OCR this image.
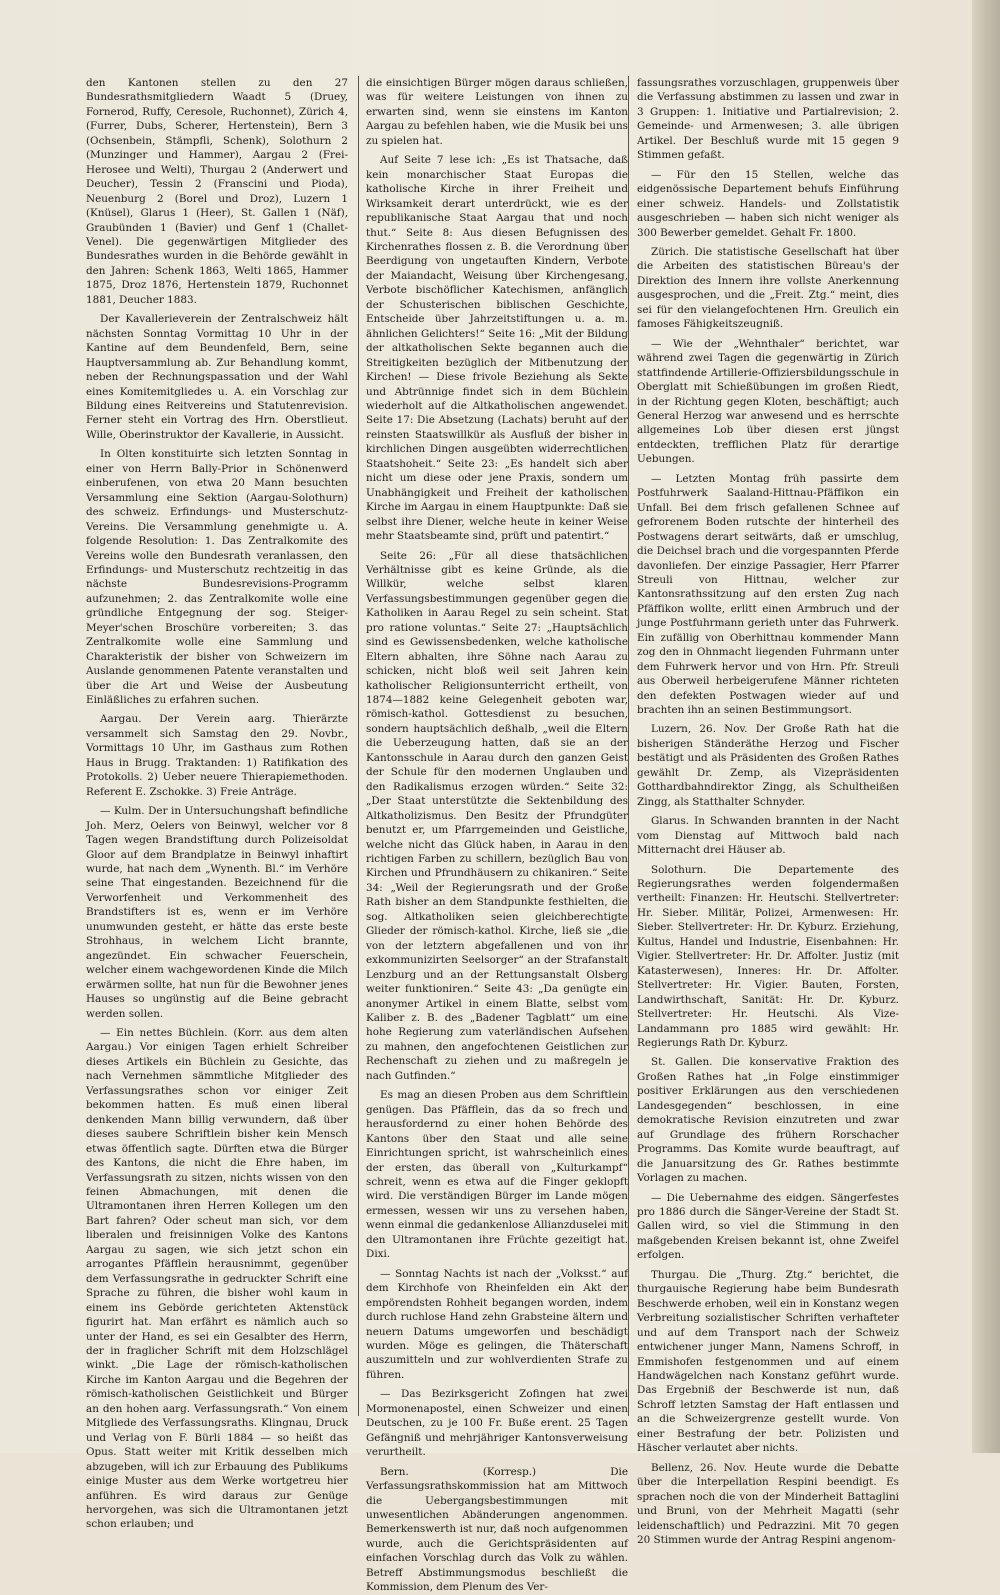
den Kantonen stellen zu den 27 Bundesrathsmitgliedern Waadt 5 (Druey, Fornerod, Ruffy, Ceresole, Ruchonnet), Zürich 4, (Furrer, Dubs, Scherer, Hertenstein), Bern 3 (Ochsenbein, Stämpfli, Schenk), Solothurn 2 (Munzinger und Hammer), Aargau 2 (Frei-Herosee und Welti), Thurgau 2 (Anderwert und Deucher), Tessin 2 (Franscini und Pioda), Neuenburg 2 (Borel und Droz), Luzern 1 (Knüsel), Glarus 1 (Heer), St. Gallen 1 (Näf), Graubünden 1 (Bavier) und Genf 1 (Challet-Venel). Die gegenwärtigen Mitglieder des Bundesrathes wurden in die Behörde gewählt in den Jahren: Schenk 1863, Welti 1865, Hammer 1875, Droz 1876, Hertenstein 1879, Ruchonnet 1881, Deucher 1883.

Der Kavallerieverein der Zentralschweiz hält nächsten Sonntag Vormittag 10 Uhr in der Kantine auf dem Beundenfeld, Bern, seine Hauptversammlung ab. Zur Behandlung kommt, neben der Rechnungspassation und der Wahl eines Komitemitgliedes u. A. ein Vorschlag zur Bildung eines Reitvereins und Statutenrevision. Ferner steht ein Vortrag des Hrn. Oberstlieut. Wille, Oberinstruktor der Kavallerie, in Aussicht.

In Olten konstituirte sich letzten Sonntag in einer von Herrn Bally-Prior in Schönenwerd einberufenen, von etwa 20 Mann besuchten Versammlung eine Sektion (Aargau-Solothurn) des schweiz. Erfindungs- und Musterschutz-Vereins. Die Versammlung genehmigte u. A. folgende Resolution: 1. Das Zentralkomite des Vereins wolle den Bundesrath veranlassen, den Erfindungs- und Musterschutz rechtzeitig in das nächste Bundesrevisions-Programm aufzunehmen; 2. das Zentralkomite wolle eine gründliche Entgegnung der sog. Steiger-Meyer'schen Broschüre vorbereiten; 3. das Zentralkomite wolle eine Sammlung und Charakteristik der bisher von Schweizern im Auslande genommenen Patente veranstalten und über die Art und Weise der Ausbeutung Einläßliches zu erfahren suchen.

Aargau. Der Verein aarg. Thierärzte versammelt sich Samstag den 29. Novbr., Vormittags 10 Uhr, im Gasthaus zum Rothen Haus in Brugg. Traktanden: 1) Ratifikation des Protokolls. 2) Ueber neuere Thierapiemethoden. Referent E. Zschokke. 3) Freie Anträge.

— Kulm. Der in Untersuchungshaft befindliche Joh. Merz, Oelers von Beinwyl, welcher vor 8 Tagen wegen Brandstiftung durch Polizeisoldat Gloor auf dem Brandplatze in Beinwyl inhaftirt wurde, hat nach dem „Wynenth. Bl.“ im Verhöre seine That eingestanden. Bezeichnend für die Verworfenheit und Verkommenheit des Brandstifters ist es, wenn er im Verhöre unumwunden gesteht, er hätte das erste beste Strohhaus, in welchem Licht brannte, angezündet. Ein schwacher Feuerschein, welcher einem wachgewordenen Kinde die Milch erwärmen sollte, hat nun für die Bewohner jenes Hauses so ungünstig auf die Beine gebracht werden sollen.

— Ein nettes Büchlein. (Korr. aus dem alten Aargau.) Vor einigen Tagen erhielt Schreiber dieses Artikels ein Büchlein zu Gesichte, das nach Vernehmen sämmtliche Mitglieder des Verfassungsrathes schon vor einiger Zeit bekommen hatten. Es muß einen liberal denkenden Mann billig verwundern, daß über dieses saubere Schriftlein bisher kein Mensch etwas öffentlich sagte. Dürften etwa die Bürger des Kantons, die nicht die Ehre haben, im Verfassungsrath zu sitzen, nichts wissen von den feinen Abmachungen, mit denen die Ultramontanen ihren Herren Kollegen um den Bart fahren? Oder scheut man sich, vor dem liberalen und freisinnigen Volke des Kantons Aargau zu sagen, wie sich jetzt schon ein arrogantes Pfäfflein herausnimmt, gegenüber dem Verfassungsrathe in gedruckter Schrift eine Sprache zu führen, die bisher wohl kaum in einem ins Gebörde gerichteten Aktenstück figurirt hat. Man erfährt es nämlich auch so unter der Hand, es sei ein Gesalbter des Herrn, der in fraglicher Schrift mit dem Holzschlägel winkt. „Die Lage der römisch-katholischen Kirche im Kanton Aargau und die Begehren der römisch-katholischen Geistlichkeit und Bürger an den hohen aarg. Verfassungsrath.“ Von einem Mitgliede des Verfassungsraths. Klingnau, Druck und Verlag von F. Bürli 1884 — so heißt das Opus. Statt weiter mit Kritik desselben mich abzugeben, will ich zur Erbauung des Publikums einige Muster aus dem Werke wortgetreu hier anführen. Es wird daraus zur Genüge hervorgehen, was sich die Ultramontanen jetzt schon erlauben; und

die einsichtigen Bürger mögen daraus schließen, was für weitere Leistungen von ihnen zu erwarten sind, wenn sie einstens im Kanton Aargau zu befehlen haben, wie die Musik bei uns zu spielen hat.

Auf Seite 7 lese ich: „Es ist Thatsache, daß kein monarchischer Staat Europas die katholische Kirche in ihrer Freiheit und Wirksamkeit derart unterdrückt, wie es der republikanische Staat Aargau that und noch thut.“ Seite 8: Aus diesen Befugnissen des Kirchenrathes flossen z. B. die Verordnung über Beerdigung von ungetauften Kindern, Verbote der Maiandacht, Weisung über Kirchengesang, Verbote bischöflicher Katechismen, anfänglich der Schusterischen biblischen Geschichte, Entscheide über Jahrzeitstiftungen u. a. m. ähnlichen Gelichters!“ Seite 16: „Mit der Bildung der altkatholischen Sekte begannen auch die Streitigkeiten bezüglich der Mitbenutzung der Kirchen! — Diese frivole Beziehung als Sekte und Abtrünnige findet sich in dem Büchlein wiederholt auf die Altkatholischen angewendet. Seite 17: Die Absetzung (Lachats) beruht auf der reinsten Staatswillkür als Ausfluß der bisher in kirchlichen Dingen ausgeübten widerrechtlichen Staatshoheit.“ Seite 23: „Es handelt sich aber nicht um diese oder jene Praxis, sondern um Unabhängigkeit und Freiheit der katholischen Kirche im Aargau in einem Hauptpunkte: Daß sie selbst ihre Diener, welche heute in keiner Weise mehr Staatsbeamte sind, prüft und patentirt.“

Seite 26: „Für all diese thatsächlichen Verhältnisse gibt es keine Gründe, als die Willkür, welche selbst klaren Verfassungsbestimmungen gegenüber gegen die Katholiken in Aarau Regel zu sein scheint. Stat pro ratione voluntas.“ Seite 27: „Hauptsächlich sind es Gewissensbedenken, welche katholische Eltern abhalten, ihre Söhne nach Aarau zu schicken, nicht bloß weil seit Jahren kein katholischer Religionsunterricht ertheilt, von 1874—1882 keine Gelegenheit geboten war, römisch-kathol. Gottesdienst zu besuchen, sondern hauptsächlich deßhalb, „weil die Eltern die Ueberzeugung hatten, daß sie an der Kantonsschule in Aarau durch den ganzen Geist der Schule für den modernen Unglauben und den Radikalismus erzogen würden.“ Seite 32: „Der Staat unterstützte die Sektenbildung des Altkatholizismus. Den Besitz der Pfrundgüter benutzt er, um Pfarrgemeinden und Geistliche, welche nicht das Glück haben, in Aarau in den richtigen Farben zu schillern, bezüglich Bau von Kirchen und Pfrundhäusern zu chikaniren.“ Seite 34: „Weil der Regierungsrath und der Große Rath bisher an dem Standpunkte festhielten, die sog. Altkatholiken seien gleichberechtigte Glieder der römisch-kathol. Kirche, ließ sie „die von der letztern abgefallenen und von ihr exkommunizirten Seelsorger“ an der Strafanstalt Lenzburg und an der Rettungsanstalt Olsberg weiter funktioniren.“ Seite 43: „Da genügte ein anonymer Artikel in einem Blatte, selbst vom Kaliber z. B. des „Badener Tagblatt“ um eine hohe Regierung zum vaterländischen Aufsehen zu mahnen, den angefochtenen Geistlichen zur Rechenschaft zu ziehen und zu maßregeln je nach Gutfinden.“

Es mag an diesen Proben aus dem Schriftlein genügen. Das Pfäfflein, das da so frech und herausfordernd zu einer hohen Behörde des Kantons über den Staat und alle seine Einrichtungen spricht, ist wahrscheinlich eines der ersten, das überall von „Kulturkampf“ schreit, wenn es etwa auf die Finger geklopft wird. Die verständigen Bürger im Lande mögen ermessen, wessen wir uns zu versehen haben, wenn einmal die gedankenlose Allianzduselei mit den Ultramontanen ihre Früchte gezeitigt hat. Dixi.

— Sonntag Nachts ist nach der „Volksst.“ auf dem Kirchhofe von Rheinfelden ein Akt der empörendsten Rohheit begangen worden, indem durch ruchlose Hand zehn Grabsteine ältern und neuern Datums umgeworfen und beschädigt wurden. Möge es gelingen, die Thäterschaft auszumitteln und zur wohlverdienten Strafe zu führen.

— Das Bezirksgericht Zofingen hat zwei Mormonenapostel, einen Schweizer und einen Deutschen, zu je 100 Fr. Buße erent. 25 Tagen Gefängniß und mehrjähriger Kantonsverweisung verurtheilt.

Bern. (Korresp.) Die Verfassungsrathskommission hat am Mittwoch die Uebergangsbestimmungen mit unwesentlichen Abänderungen angenommen. Bemerkenswerth ist nur, daß noch aufgenommen wurde, auch die Gerichtspräsidenten auf einfachen Vorschlag durch das Volk zu wählen. Betreff Abstimmungsmodus beschließt die Kommission, dem Plenum des Ver-

fassungsrathes vorzuschlagen, gruppenweis über die Verfassung abstimmen zu lassen und zwar in 3 Gruppen: 1. Initiative und Partialrevision; 2. Gemeinde- und Armenwesen; 3. alle übrigen Artikel. Der Beschluß wurde mit 15 gegen 9 Stimmen gefaßt.

— Für den 15 Stellen, welche das eidgenössische Departement behufs Einführung einer schweiz. Handels- und Zollstatistik ausgeschrieben — haben sich nicht weniger als 300 Bewerber gemeldet. Gehalt Fr. 1800.

Zürich. Die statistische Gesellschaft hat über die Arbeiten des statistischen Büreau's der Direktion des Innern ihre vollste Anerkennung ausgesprochen, und die „Freit. Ztg.“ meint, dies sei für den vielangefochtenen Hrn. Greulich ein famoses Fähigkeitszeugniß.

— Wie der „Wehnthaler“ berichtet, war während zwei Tagen die gegenwärtig in Zürich stattfindende Artillerie-Offiziersbildungsschule in Oberglatt mit Schießübungen im großen Riedt, in der Richtung gegen Kloten, beschäftigt; auch General Herzog war anwesend und es herrschte allgemeines Lob über diesen erst jüngst entdeckten, trefflichen Platz für derartige Uebungen.

— Letzten Montag früh passirte dem Postfuhrwerk Saaland-Hittnau-Pfäffikon ein Unfall. Bei dem frisch gefallenen Schnee auf gefrorenem Boden rutschte der hinterheil des Postwagens derart seitwärts, daß er umschlug, die Deichsel brach und die vorgespannten Pferde davonliefen. Der einzige Passagier, Herr Pfarrer Streuli von Hittnau, welcher zur Kantonsrathssitzung auf den ersten Zug nach Pfäffikon wollte, erlitt einen Armbruch und der junge Postfuhrmann gerieth unter das Fuhrwerk. Ein zufällig von Oberhittnau kommender Mann zog den in Ohnmacht liegenden Fuhrmann unter dem Fuhrwerk hervor und von Hrn. Pfr. Streuli aus Oberweil herbeigerufene Männer richteten den defekten Postwagen wieder auf und brachten ihn an seinen Bestimmungsort.

Luzern, 26. Nov. Der Große Rath hat die bisherigen Ständeräthe Herzog und Fischer bestätigt und als Präsidenten des Großen Rathes gewählt Dr. Zemp, als Vizepräsidenten Gotthardbahndirektor Zingg, als Schultheißen Zingg, als Statthalter Schnyder.

Glarus. In Schwanden brannten in der Nacht vom Dienstag auf Mittwoch bald nach Mitternacht drei Häuser ab.

Solothurn. Die Departemente des Regierungsrathes werden folgendermaßen vertheilt: Finanzen: Hr. Heutschi. Stellvertreter: Hr. Sieber. Militär, Polizei, Armenwesen: Hr. Sieber. Stellvertreter: Hr. Dr. Kyburz. Erziehung, Kultus, Handel und Industrie, Eisenbahnen: Hr. Vigier. Stellvertreter: Hr. Dr. Affolter. Justiz (mit Katasterwesen), Inneres: Hr. Dr. Affolter. Stellvertreter: Hr. Vigier. Bauten, Forsten, Landwirthschaft, Sanität: Hr. Dr. Kyburz. Stellvertreter: Hr. Heutschi. Als Vize-Landammann pro 1885 wird gewählt: Hr. Regierungs Rath Dr. Kyburz.

St. Gallen. Die konservative Fraktion des Großen Rathes hat „in Folge einstimmiger positiver Erklärungen aus den verschiedenen Landesgegenden“ beschlossen, in eine demokratische Revision einzutreten und zwar auf Grundlage des frühern Rorschacher Programms. Das Komite wurde beauftragt, auf die Januarsitzung des Gr. Rathes bestimmte Vorlagen zu machen.

— Die Uebernahme des eidgen. Sängerfestes pro 1886 durch die Sänger-Vereine der Stadt St. Gallen wird, so viel die Stimmung in den maßgebenden Kreisen bekannt ist, ohne Zweifel erfolgen.

Thurgau. Die „Thurg. Ztg.“ berichtet, die thurgauische Regierung habe beim Bundesrath Beschwerde erhoben, weil ein in Konstanz wegen Verbreitung sozialistischer Schriften verhafteter und auf dem Transport nach der Schweiz entwichener junger Mann, Namens Schroff, in Emmishofen festgenommen und auf einem Handwägelchen nach Konstanz geführt wurde. Das Ergebniß der Beschwerde ist nun, daß Schroff letzten Samstag der Haft entlassen und an die Schweizergrenze gestellt wurde. Von einer Bestrafung der betr. Polizisten und Häscher verlautet aber nichts.

Bellenz, 26. Nov. Heute wurde die Debatte über die Interpellation Respini beendigt. Es sprachen noch die von der Minderheit Battaglini und Bruni, von der Mehrheit Magatti (sehr leidenschaftlich) und Pedrazzini. Mit 70 gegen 20 Stimmen wurde der Antrag Respini angenom-
